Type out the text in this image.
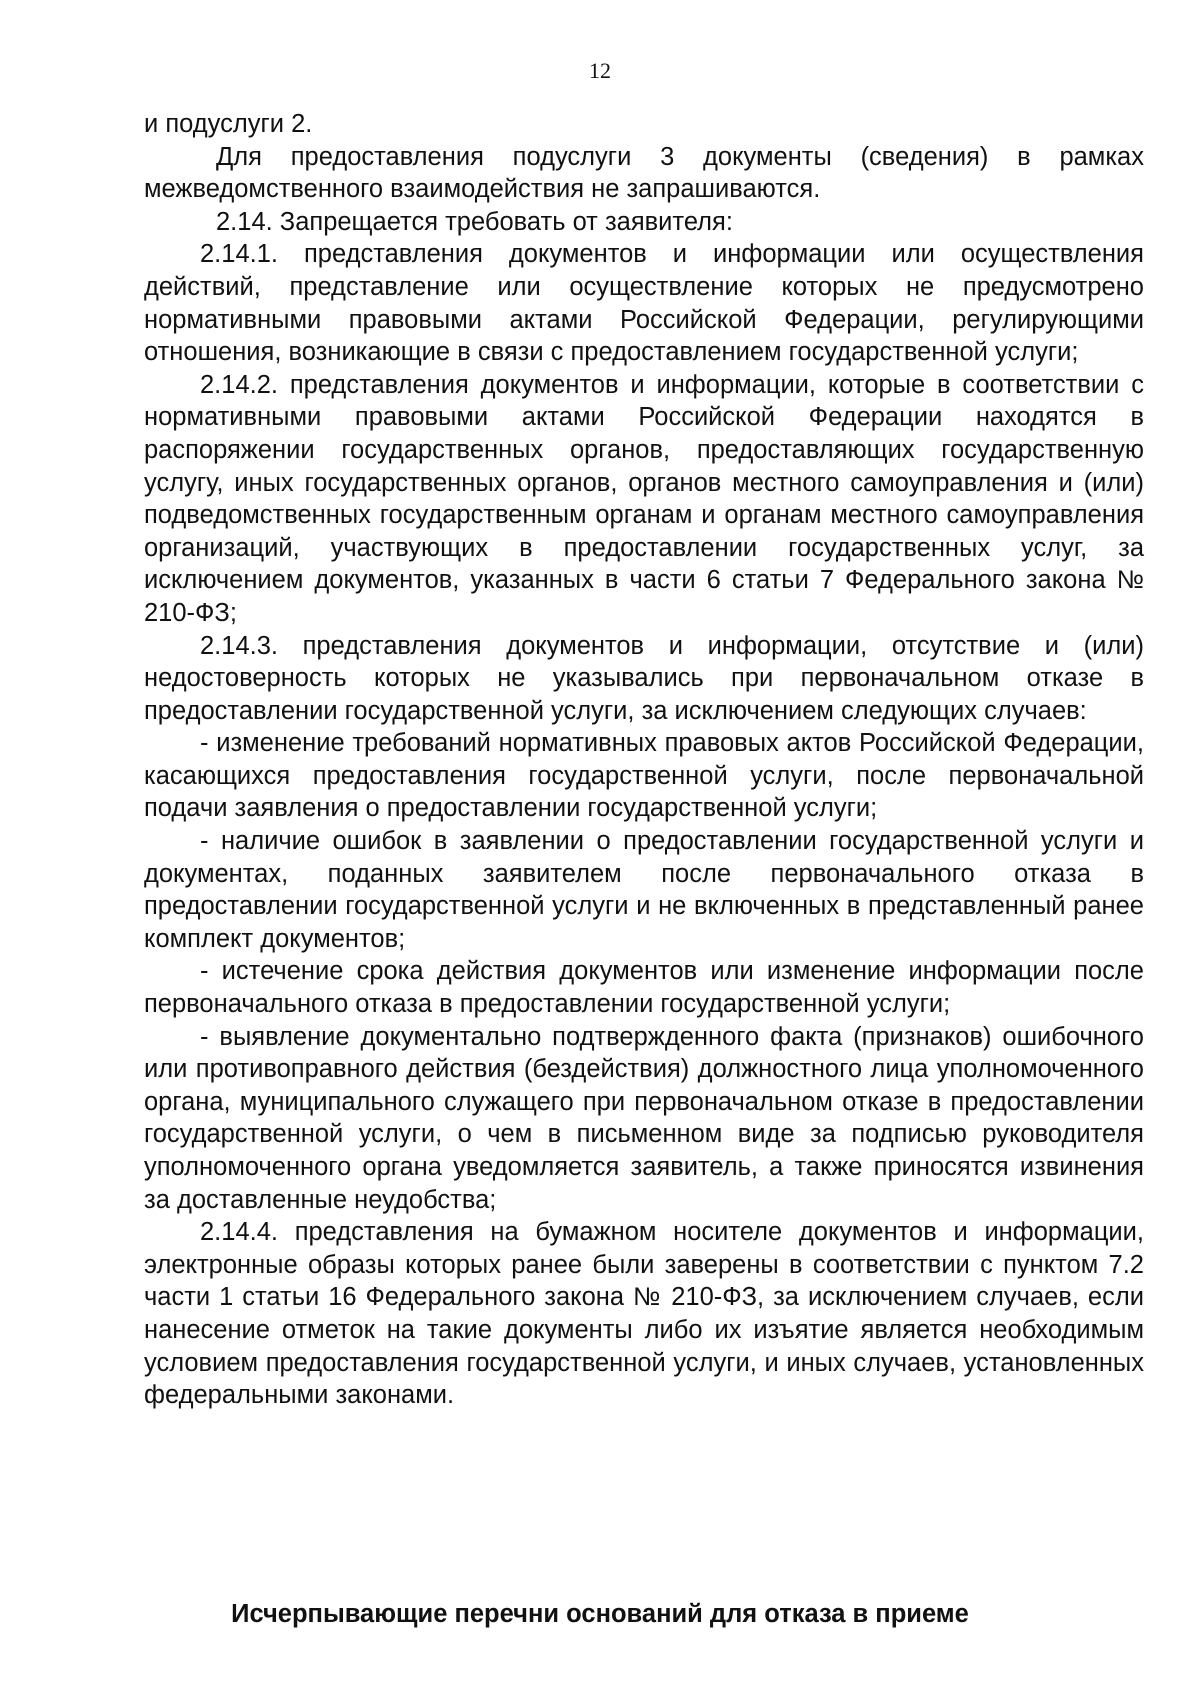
12

и подуслуги 2.

Для предоставления подуслуги 3 документы (сведения) в рамках межведомственного взаимодействия не запрашиваются.

2.14. Запрещается требовать от заявителя:

2.14.1. представления документов и информации или осуществления действий, представление или осуществление которых не предусмотрено нормативными правовыми актами Российской Федерации, регулирующими отношения, возникающие в связи с предоставлением государственной услуги;

2.14.2. представления документов и информации, которые в соответствии с нормативными правовыми актами Российской Федерации находятся в распоряжении государственных органов, предоставляющих государственную услугу, иных государственных органов, органов местного самоуправления и (или) подведомственных государственным органам и органам местного самоуправления организаций, участвующих в предоставлении государственных услуг, за исключением документов, указанных в части 6 статьи 7 Федерального закона № 210-ФЗ;

2.14.3. представления документов и информации, отсутствие и (или) недостоверность которых не указывались при первоначальном отказе в предоставлении государственной услуги, за исключением следующих случаев:

- изменение требований нормативных правовых актов Российской Федерации, касающихся предоставления государственной услуги, после первоначальной подачи заявления о предоставлении государственной услуги;

- наличие ошибок в заявлении о предоставлении государственной услуги и документах, поданных заявителем после первоначального отказа в предоставлении государственной услуги и не включенных в представленный ранее комплект документов;

- истечение срока действия документов или изменение информации после первоначального отказа в предоставлении государственной услуги;

- выявление документально подтвержденного факта (признаков) ошибочного или противоправного действия (бездействия) должностного лица уполномоченного органа, муниципального служащего при первоначальном отказе в предоставлении государственной услуги, о чем в письменном виде за подписью руководителя уполномоченного органа уведомляется заявитель, а также приносятся извинения за доставленные неудобства;

2.14.4. представления на бумажном носителе документов и информации, электронные образы которых ранее были заверены в соответствии с пунктом 7.2 части 1 статьи 16 Федерального закона № 210-ФЗ, за исключением случаев, если нанесение отметок на такие документы либо их изъятие является необходимым условием предоставления государственной услуги, и иных случаев, установленных федеральными законами.

Исчерпывающие перечни оснований для отказа в приеме
